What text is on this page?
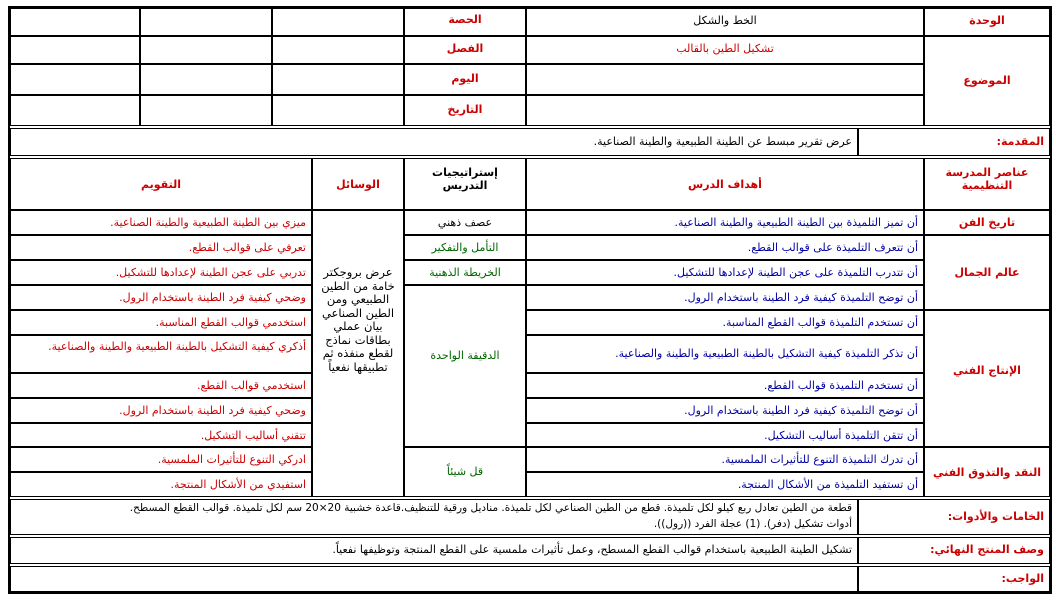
الوحدة
الموضوع
الخط والشكل
تشكيل الطين بالقالب
الحصة
الفصل
اليوم
التاريخ
المقدمة:
عرض تقرير مبسط عن الطينة الطبيعية والطينة الصناعية.
عناصر المدرسة التنظيمية
أهداف الدرس
إستراتيجيات التدريس
الوسائل
التقويم
تاريخ الفن
عالم الجمال
الإنتاج الفني
النقد والتذوق الفني
أن تميز التلميذة بين الطينة الطبيعية والطينة الصناعية.
أن تتعرف التلميذة على قوالب القطع.
أن تتدرب التلميذة على عجن الطينة لإعدادها للتشكيل.
أن توضح التلميذة كيفية فرد الطينة باستخدام الرول.
أن تستخدم التلميذة قوالب القطع المناسبة.
أن تذكر التلميذة كيفية التشكيل بالطينة الطبيعية والطينة والصناعية.
أن تستخدم التلميذة قوالب القطع.
أن توضح التلميذة كيفية فرد الطينة باستخدام الرول.
أن تتقن التلميذة أساليب التشكيل.
أن تدرك التلميذة التنوع للتأثيرات الملمسية.
أن تستفيد التلميذة من الأشكال المنتجة.
عصف ذهني
التأمل والتفكير
الخريطة الذهنية
الدقيقة الواحدة
قل شيئاً
عرض بروجكتر خامة من الطين الطبيعي ومن الطين الصناعي بيان عملي بطاقات نماذج لقطع منفذه ثم تطبيقها نفعياً
ميزي بين الطينة الطبيعية والطينة الصناعية.
تعرفي على قوالب القطع.
تدربي على عجن الطينة لإعدادها للتشكيل.
وضحي كيفية فرد الطينة باستخدام الرول.
استخدمي قوالب القطع المناسبة.
أذكري كيفية التشكيل بالطينة الطبيعية والطينة والصناعية.
استخدمي قوالب القطع.
وضحي كيفية فرد الطينة باستخدام الرول.
تتقني أساليب التشكيل.
ادركي التنوع للتأثيرات الملمسية.
استفيدي من الأشكال المنتجة.
الخامات والأدوات:
قطعة من الطين تعادل ربع كيلو لكل تلميذة. قطع من الطين الصناعي لكل تلميذة. مناديل ورقية للتنظيف.قاعدة خشبية 20×20 سم لكل تلميذة. قوالب القطع المسطح.
أدوات تشكيل (دفر). (1) عجلة الفرد ((رول)).
وصف المنتج النهائي:
تشكيل الطينة الطبيعية باستخدام قوالب القطع المسطح، وعمل تأثيرات ملمسية على القطع المنتجة وتوظيفها نفعياً.
الواجب:
